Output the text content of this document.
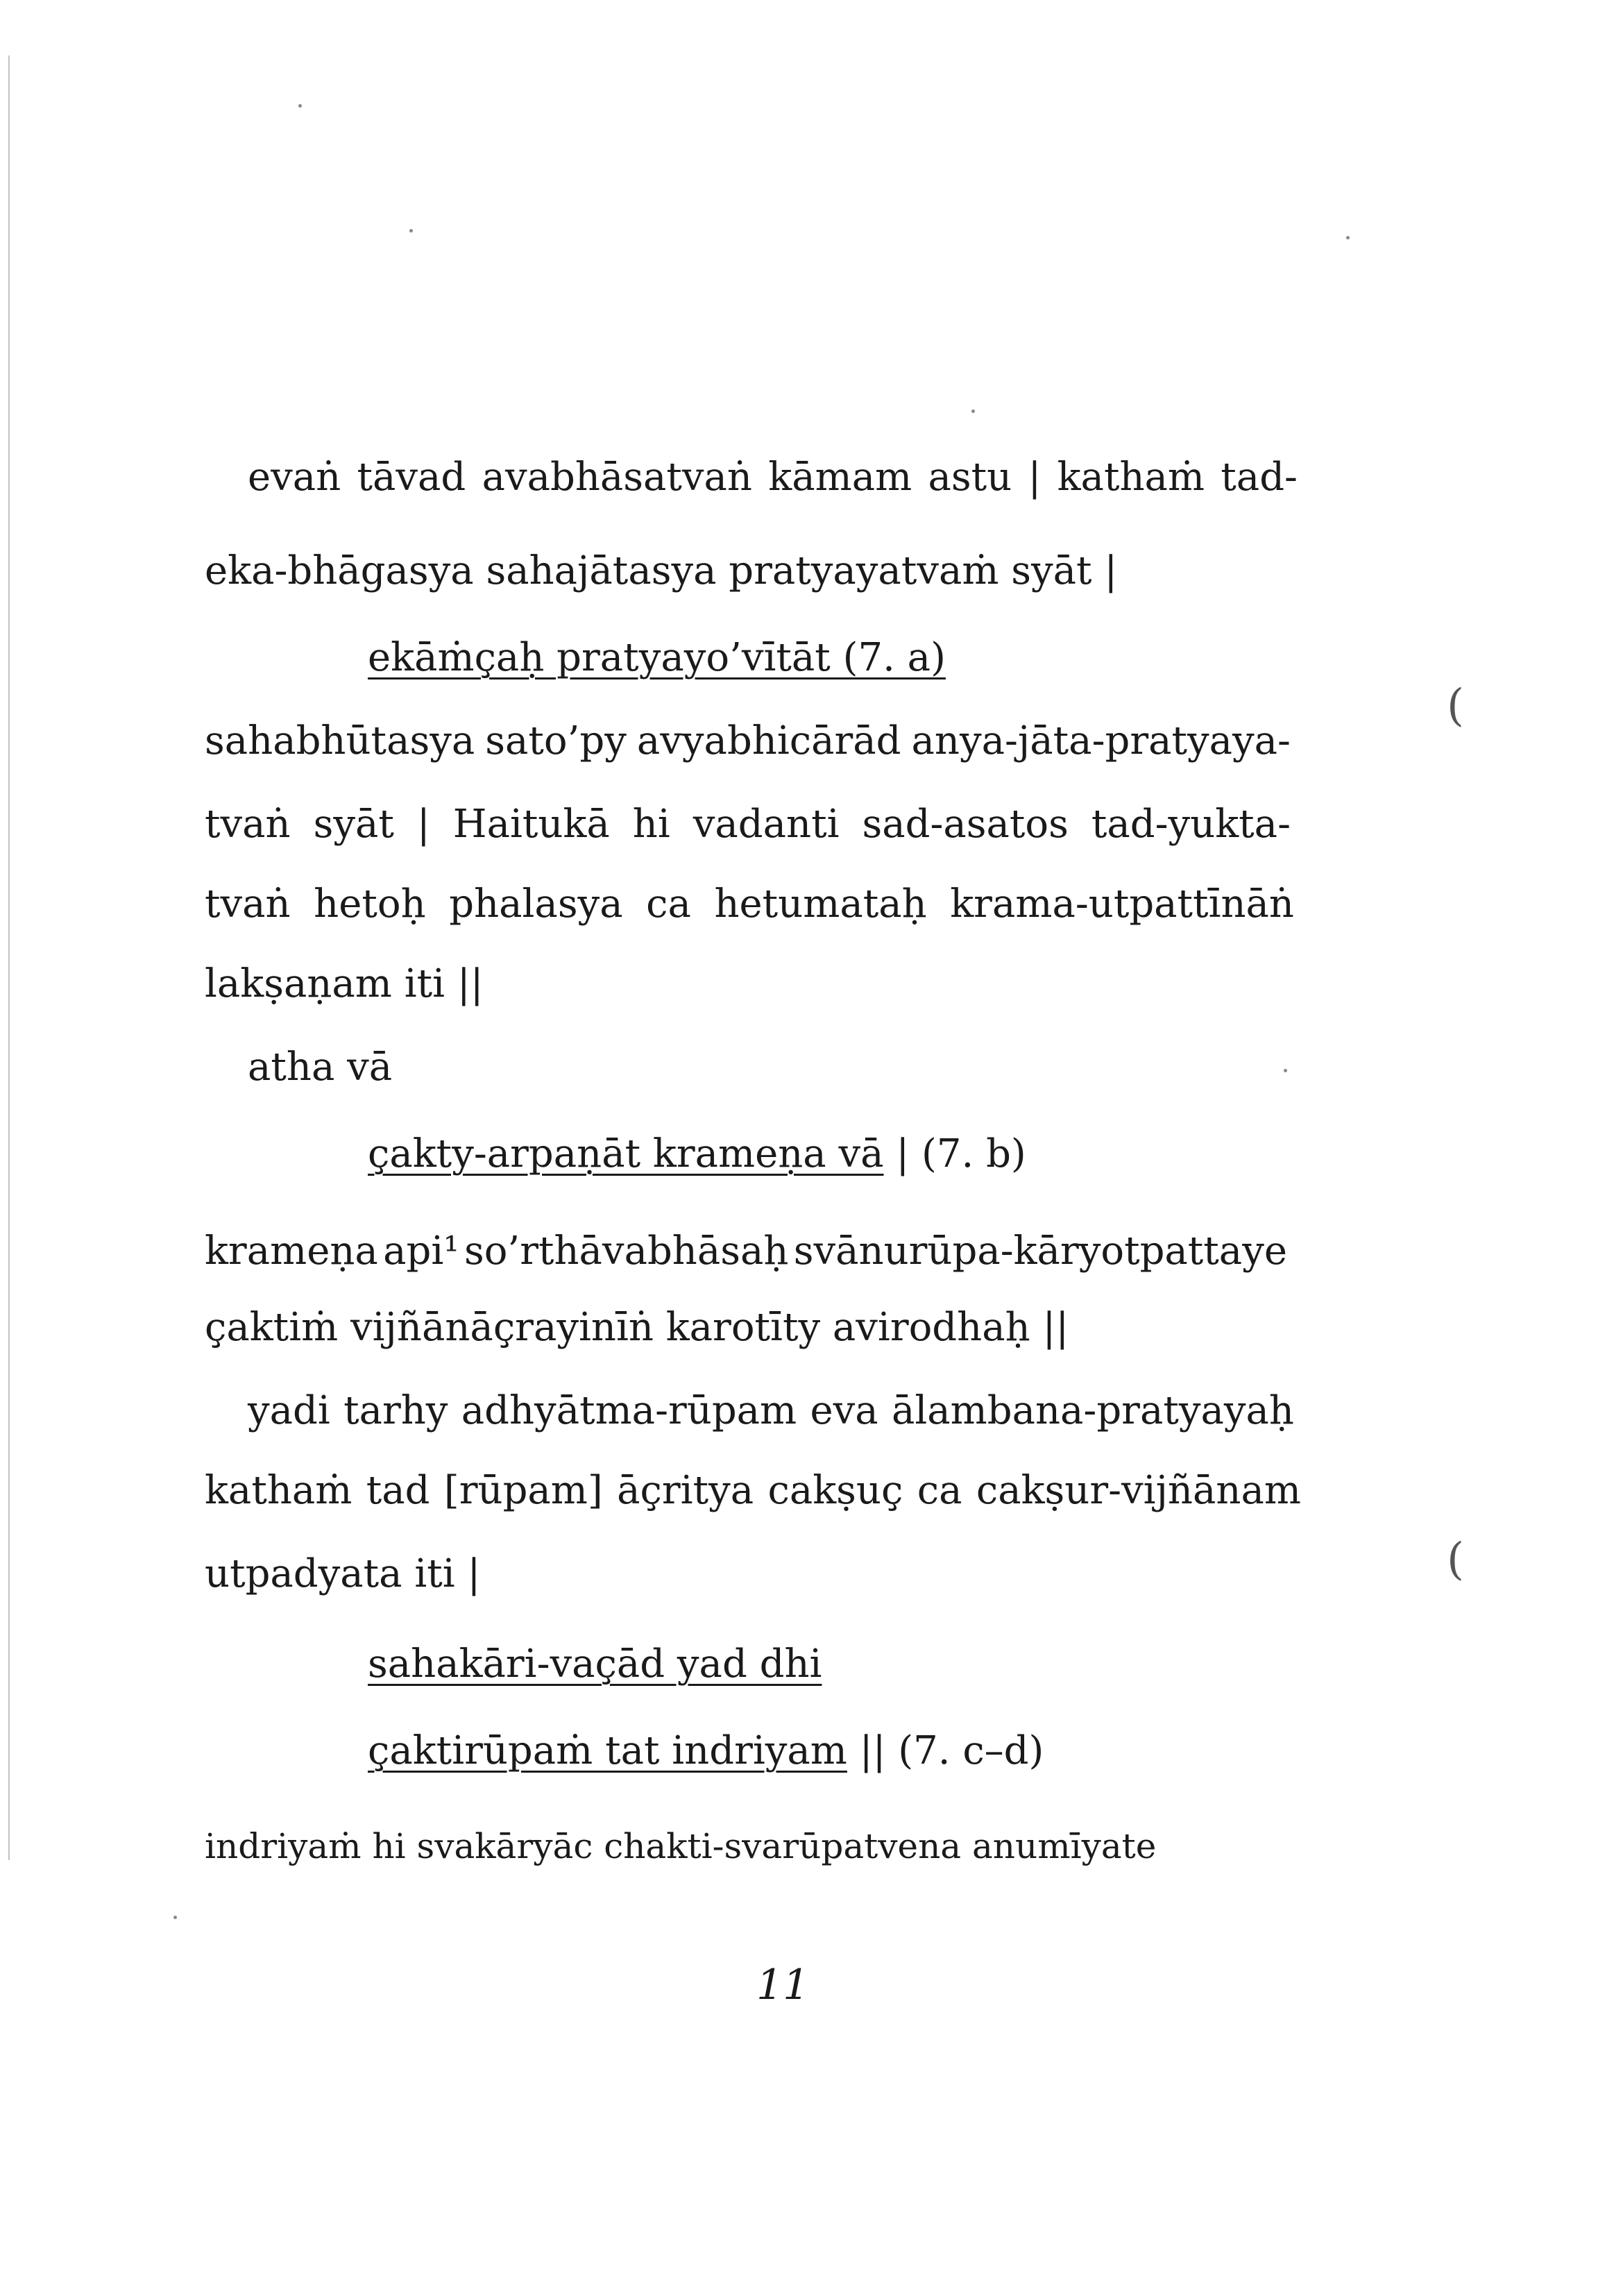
evaṅ tāvad avabhāsatvaṅ kāmam astu | kathaṁ tad-
eka-bhāgasya sahajātasya pratyayatvaṁ syāt |
ekāṁçaḥ pratyayo’vītāt (7. a)
sahabhūtasya sato’py avyabhicārād anya-jāta-pratyaya-
tvaṅ syāt | Haitukā hi vadanti sad-asatos tad-yukta-
tvaṅ hetoḥ phalasya ca hetumataḥ krama-utpattīnāṅ
lakṣaṇam iti ||
atha vā
çakty-arpaṇāt krameṇa vā | (7. b)
krameṇa api¹ so’rthāvabhāsaḥ svānurūpa-kāryotpattaye
çaktiṁ vijñānāçrayinīṅ karotīty avirodhaḥ ||
yadi tarhy adhyātma-rūpam eva ālambana-pratyayaḥ
kathaṁ tad [rūpam] āçritya cakṣuç ca cakṣur-vijñānam
utpadyata iti |
sahakāri-vaçād yad dhi
çaktirūpaṁ tat indriyam || (7. c–d)
indriyaṁ hi svakāryāc chakti-svarūpatvena anumīyate
11
(
(
